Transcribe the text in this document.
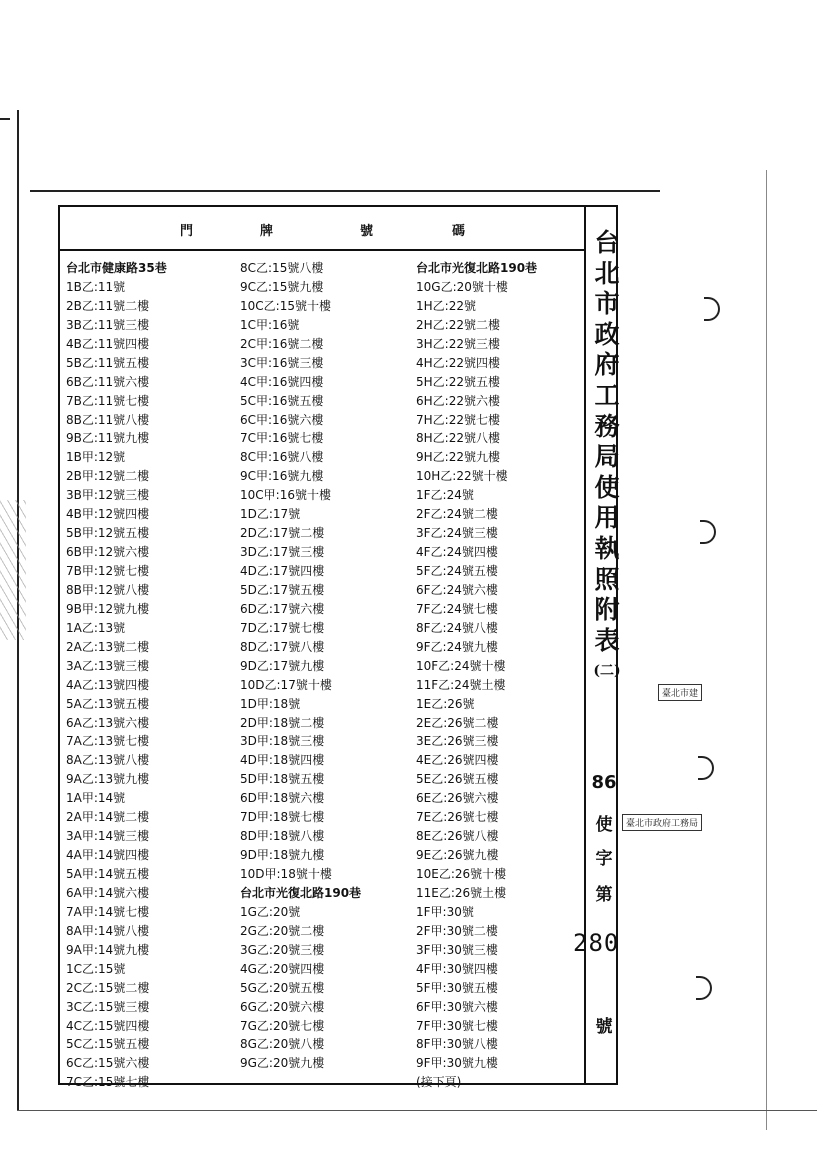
門	牌	號	碼
台北市健康路35巷
1B乙:11號
2B乙:11號二樓
3B乙:11號三樓
4B乙:11號四樓
5B乙:11號五樓
6B乙:11號六樓
7B乙:11號七樓
8B乙:11號八樓
9B乙:11號九樓
1B甲:12號
2B甲:12號二樓
3B甲:12號三樓
4B甲:12號四樓
5B甲:12號五樓
6B甲:12號六樓
7B甲:12號七樓
8B甲:12號八樓
9B甲:12號九樓
1A乙:13號
2A乙:13號二樓
3A乙:13號三樓
4A乙:13號四樓
5A乙:13號五樓
6A乙:13號六樓
7A乙:13號七樓
8A乙:13號八樓
9A乙:13號九樓
1A甲:14號
2A甲:14號二樓
3A甲:14號三樓
4A甲:14號四樓
5A甲:14號五樓
6A甲:14號六樓
7A甲:14號七樓
8A甲:14號八樓
9A甲:14號九樓
1C乙:15號
2C乙:15號二樓
3C乙:15號三樓
4C乙:15號四樓
5C乙:15號五樓
6C乙:15號六樓
7C乙:15號七樓
8C乙:15號八樓
9C乙:15號九樓
10C乙:15號十樓
1C甲:16號
2C甲:16號二樓
3C甲:16號三樓
4C甲:16號四樓
5C甲:16號五樓
6C甲:16號六樓
7C甲:16號七樓
8C甲:16號八樓
9C甲:16號九樓
10C甲:16號十樓
1D乙:17號
2D乙:17號二樓
3D乙:17號三樓
4D乙:17號四樓
5D乙:17號五樓
6D乙:17號六樓
7D乙:17號七樓
8D乙:17號八樓
9D乙:17號九樓
10D乙:17號十樓
1D甲:18號
2D甲:18號二樓
3D甲:18號三樓
4D甲:18號四樓
5D甲:18號五樓
6D甲:18號六樓
7D甲:18號七樓
8D甲:18號八樓
9D甲:18號九樓
10D甲:18號十樓
台北市光復北路190巷
1G乙:20號
2G乙:20號二樓
3G乙:20號三樓
4G乙:20號四樓
5G乙:20號五樓
6G乙:20號六樓
7G乙:20號七樓
8G乙:20號八樓
9G乙:20號九樓
台北市光復北路190巷
10G乙:20號十樓
1H乙:22號
2H乙:22號二樓
3H乙:22號三樓
4H乙:22號四樓
5H乙:22號五樓
6H乙:22號六樓
7H乙:22號七樓
8H乙:22號八樓
9H乙:22號九樓
10H乙:22號十樓
1F乙:24號
2F乙:24號二樓
3F乙:24號三樓
4F乙:24號四樓
5F乙:24號五樓
6F乙:24號六樓
7F乙:24號七樓
8F乙:24號八樓
9F乙:24號九樓
10F乙:24號十樓
11F乙:24號土樓
1E乙:26號
2E乙:26號二樓
3E乙:26號三樓
4E乙:26號四樓
5E乙:26號五樓
6E乙:26號六樓
7E乙:26號七樓
8E乙:26號八樓
9E乙:26號九樓
10E乙:26號十樓
11E乙:26號土樓
1F甲:30號
2F甲:30號二樓
3F甲:30號三樓
4F甲:30號四樓
5F甲:30號五樓
6F甲:30號六樓
7F甲:30號七樓
8F甲:30號八樓
9F甲:30號九樓
(接下頁)
台
北
市
政
府
工
務
局
使
用
執
照
附
表
(二)
86
使
字
第
280
號
臺北市建
臺北市政府工務局
